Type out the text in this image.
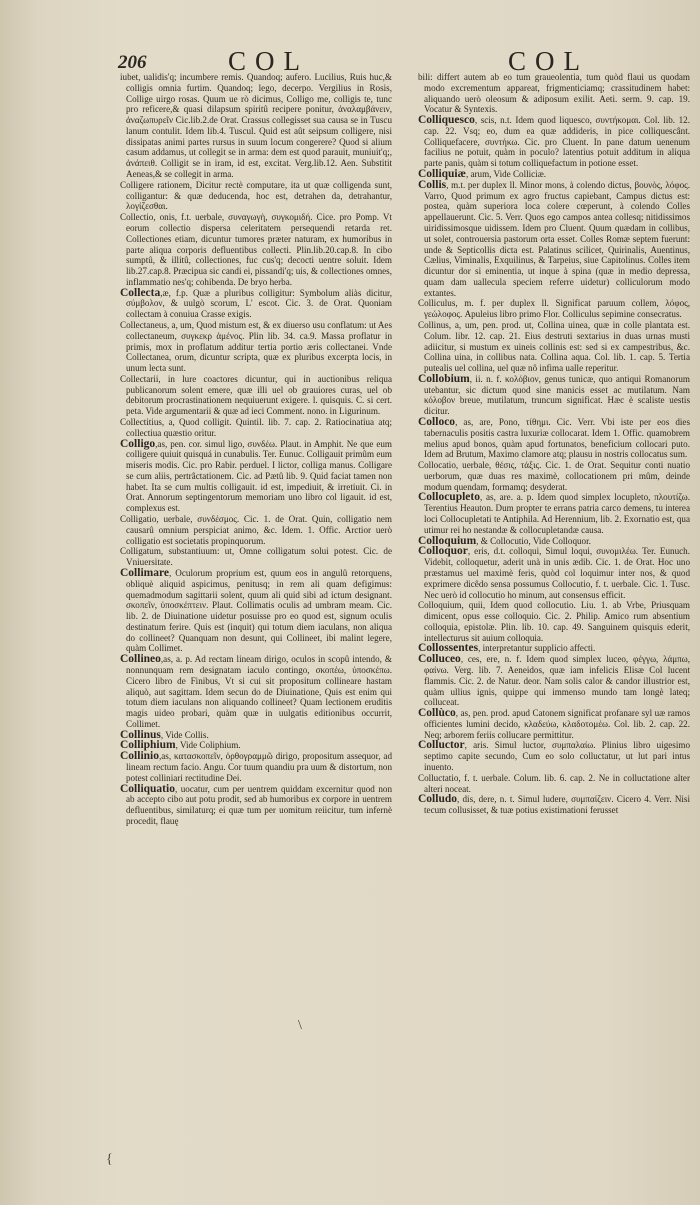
206	COL	COL

iubet, ualidis'q; incumbere remis. Quandoq; aufero. Lucilius, Ruis huc,& colligis omnia furtim. Quandoq; lego, decerpo. Vergilius in Rosis, Collige uirgo rosas. Quum ue rò dicimus, Colligo me, colligis te, tunc pro reficere,& quasi dilapsum spiritû recipere ponitur, ἀναλαμβάνειν, ἀναζωπυρεῖν Cic.lib.2.de Orat. Crassus collegisset sua causa se in Tuscu lanum contulit. Idem lib.4. Tuscul. Quid est aût seipsum colligere, nisi dissipatas animi partes rursus in suum locum congerere? Quod si alium casum addamus, ut collegit se in arma: dem est quod parauit, muniuit'q;, ἀνάπειθ. Colligit se in iram, id est, excitat. Verg.lib.12. Aen. Substitit Aeneas,& se collegit in arma.

Colligere rationem, Dicitur rectè computare, ita ut quæ colligenda sunt, colligantur: & quæ deducenda, hoc est, detrahen da, detrahantur, λογίζεσθαι.

Collectio, onis, f.t. uerbale, συναγωγὴ, συγκομιδή. Cice. pro Pomp. Vt eorum collectio dispersa celeritatem persequendi retarda ret. Collectiones etiam, dicuntur tumores præter naturam, ex humoribus in parte aliqua corporis defluentibus collecti. Plin.lib.20.cap.8. In cibo sumptû, & illitû, collectiones, fuc cus'q; decocti uentre soluit. Idem lib.27.cap.8. Præcipua sic candi ei, pissandi'q; uis, & collectiones omnes, inflammatio nes'q; cohibenda. De bryo herba.

Collecta,æ, f.p. Quæ a pluribus colligitur: Symbolum aliàs dicitur, σύμβολον, & uulgò scorum, L' escot. Cic. 3. de Orat. Quoniam collectam à conuiua Crasse exigis.

Collectaneus, a, um, Quod mistum est, & ex diuerso usu conflatum: ut Aes collectaneum, συγκεκρ ἁμένος. Plin lib. 34. ca.9. Massa proflatur in primis, mox in proflatum additur tertia portio æris collectanei. Vnde Collectanea, orum, dicuntur scripta, quæ ex pluribus excerpta locis, in unum lecta sunt.

Collectarii, in lure coactores dicuntur, qui in auctionibus reliqua publicanorum solent emere, quæ illi uel ob grauiores curas, uel ob debitorum procrastinationem nequiuerunt exigere. l. quisquis. C. si cert. peta. Vide argumentarii & quæ ad ieci Comment. nono. in Ligurinum.

Collectitius, a, Quod colligit. Quintil. lib. 7. cap. 2. Ratiocinatiua atq; collectiua quæstio oritur.

Colligo,as, pen. cor. simul ligo, συνδέω. Plaut. in Amphit. Ne que eum colligere quiuit quisquá in cunabulis. Ter. Eunuc. Colligauit primûm eum miseris modis. Cic. pro Rabir. perduel. I lictor, colliga manus. Colligare se cum aliis, pertrâctationem. Cic. ad Pætû lib. 9. Quid faciat tamen non habet. Ita se cum multis colligauit. id est, impediuit, & irretiuit. Ci. in Orat. Annorum septingentorum memoriam uno libro col ligauit. id est, complexus est.

Colligatio, uerbale, συνδέσμος. Cic. 1. de Orat. Quin, colligatio nem causarû omnium perspiciat animo, &c. Idem. 1. Offic. Arctior uerò colligatio est societatis propinquorum.

Colligatum, substantiuum: ut, Omne colligatum solui potest. Cic. de Vniuersitate.

Collimare, Oculorum proprium est, quum eos in angulû retorquens, obliquè aliquid aspicimus, penitusq; in rem ali quam defigimus: quemadmodum sagittarii solent, quum ali quid sibi ad ictum designant. σκοπεῖν, ὑποσκέπτειν. Plaut. Collimatis oculis ad umbram meam. Cic. lib. 2. de Diuinatione uidetur posuisse pro eo quod est, signum oculis destinatum ferire. Quis est (inquit) qui totum diem iaculans, non aliqua do collineet? Quanquam non desunt, qui Collineet, ibi malint legere, quàm Collimet.

Collineo,as, a. p. Ad rectam lineam dirigo, oculos in scopû intendo, & nonnunquam rem designatam iaculo contingo, σκοπέω, ὑποσκέπω. Cicero libro de Finibus, Vt si cui sit propositum collineare hastam aliquò, aut sagittam. Idem secun do de Diuinatione, Quis est enim qui totum diem iaculans non aliquando collineet? Quam lectionem eruditis magis uideo probari, quàm quæ in uulgatis editionibus occurrit, Collimet.

Collinus, Vide Collis.

Colliphium, Vide Coliphium.

Collinio,as, κατασκοπεῖν, ὀρθογραμμῶ dirigo, propositum assequor, ad lineam rectum facio. Angu. Cor tuum quandiu pra uum & distortum, non potest colliniari rectitudine Dei.

Colliquatio, uocatur, cum per uentrem quiddam excernitur quod non ab accepto cibo aut potu prodit, sed ab humoribus ex corpore in uentrem defluentibus, similaturq; ei quæ tum per uomitum reiicitur, tum infernè procedit, flauę

bili: differt autem ab eo tum graueolentia, tum quòd flaui us quodam modo excrementum appareat, frigmenticiamq; crassitudinem habet: aliquando uerò oleosum & adiposum exilit. Aeti. serm. 9. cap. 19. Vocatur & Syntexis.

Colliquesco, scis, n.t. Idem quod liquesco, συντήκομαι. Col. lib. 12. cap. 22. Vsq; eo, dum ea quæ addideris, in pice colliquescânt. Colliquefacere, συντήκω. Cic. pro Cluent. In pane datum uenenum facilius ne potuit, quàm in poculo? latentius potuit additum in aliqua parte panis, quàm si totum colliquefactum in potione esset.

Colliquiæ, arum, Vide Colliciæ.

Collis, m.t. per duplex ll. Minor mons, à colendo dictus, βουνὸς, λόφος. Varro, Quod primum ex agro fructus capiebant, Campus dictus est: postea, quàm superiora loca colere cœperunt, à colendo Colles appellauerunt. Cic. 5. Verr. Quos ego campos antea collesq; nitidissimos uiridissimosque uidissem. Idem pro Cluent. Quum quædam in collibus, ut solet, controuersia pastorum orta esset. Colles Romæ septem fuerunt: unde & Septicollis dicta est. Palatinus scilicet, Quirinalis, Auentinus, Cælius, Viminalis, Exquilinus, & Tarpeius, siue Capitolinus. Colles item dicuntur dor si eminentia, ut inque à spina (quæ in medio depressa, quam dam uallecula speciem referre uidetur) colliculorum modo extantes.

Colliculus, m. f. per duplex ll. Significat paruum collem, λόφος, γεώλοφος. Apuleius libro primo Flor. Colliculus sepimine consecratus.

Collinus, a, um, pen. prod. ut, Collina uinea, quæ in colle plantata est. Colum. libr. 12. cap. 21. Eius destruti sextarius in duas urnas musti adiicitur, si mustum ex uineis collinis est: sed si ex campestribus, &c. Collina uina, in collibus nata. Collina aqua. Col. lib. 1. cap. 5. Tertia putealis uel collina, uel quæ nô infima ualle reperitur.

Collobium, ii. n. f. κολόβιον, genus tunicæ, quo antiqui Romanorum utebantur, sic dictum quod sine manicis esset ac mutilatum. Nam κόλοβον breue, mutilatum, truncum significat. Hæc è scaliste uestis dicitur.

Colloco, as, are, Pono, τίθημι. Cic. Verr. Vbi iste per eos dies tabernaculis positis castra luxuriæ collocarat. Idem 1. Offic. quamobrem melius apud bonos, quàm apud fortunatos, beneficium collocari puto. Idem ad Brutum, Maximo clamore atq; plausu in nostris collocatus sum.

Collocatio, uerbale, θέσις, τάξις. Cic. 1. de Orat. Sequitur conti nuatio uerborum, quæ duas res maximè, collocationem pri mûm, deinde modum quendam, formamq; desyderat.

Collocupleto, as, are. a. p. Idem quod simplex locupleto, πλουτίζω. Terentius Heauton. Dum propter te errans patria carco demens, tu interea loci Collocupletati te Antiphila. Ad Herennium, lib. 2. Exornatio est, qua utimur rei ho nestandæ & collocupletandæ causa.

Colloquium, & Collocutio, Vide Colloquor.

Colloquor, eris, d.t. colloqui, Simul loqui, συνομιλέω. Ter. Eunuch. Videbit, colloquetur, aderit unà in unis ædib. Cic. 1. de Orat. Hoc uno præstamus uel maximè feris, quòd col loquimur inter nos, & quod exprimere dicêdo sensa possumus Collocutio, f. t. uerbale. Cic. 1. Tusc. Nec uerò id collocutio ho minum, aut consensus efficit.

Colloquium, quii, Idem quod collocutio. Liu. 1. ab Vrbe, Priusquam dimicent, opus esse colloquio. Cic. 2. Philip. Amico rum absentium colloquia, epistolæ. Plin. lib. 10. cap. 49. Sanguinem quisquis ederit, intellecturus sit auium colloquia.

Collossentes, interpretantur supplicio affecti.

Colluceo, ces, ere, n. f. Idem quod simplex luceo, φέγγω, λάμπω, φαίνω. Verg. lib. 7. Aeneidos, quæ iam infelicis Elisæ Col lucent flammis. Cic. 2. de Natur. deor. Nam solis calor & candor illustrior est, quàm ullius ignis, quippe qui immenso mundo tam longè lateq; colluceat.

Collùco, as, pen. prod. apud Catonem significat profanare syl uæ ramos officientes lumini decido, κλαδεύω, κλαδοτομέω. Col. lib. 2. cap. 22. Neq; arborem feriis collucare permittitur.

Colluctor, aris. Simul luctor, συμπαλαίω. Plinius libro uigesimo septimo capite secundo, Cum eo solo colluctatur, ut lut pari intus inuento.

Colluctatio, f. t. uerbale. Colum. lib. 6. cap. 2. Ne in colluctatione alter alteri noceat.

Colludo, dis, dere, n. t. Simul ludere, συμπαίζειν. Cicero 4. Verr. Nisi tecum collusisset, & tuæ potius existimationi ferusset

\
{
